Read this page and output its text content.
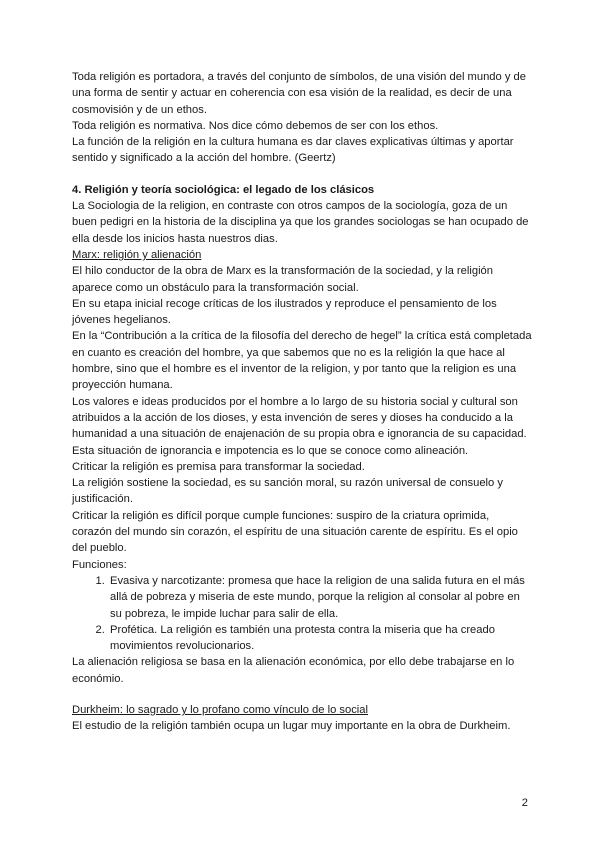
Toda religión es portadora, a través del conjunto de símbolos, de una visión del mundo y de una forma de sentir y actuar en coherencia con esa visión de la realidad, es decir de una cosmovisión y de un ethos.

Toda religión es normativa. Nos dice cómo debemos de ser con los ethos.

La función de la religión en la cultura humana es dar claves explicativas últimas y aportar sentido y significado a la acción del hombre. (Geertz)

4. Religión y teoría sociológica: el legado de los clásicos

La Sociologia de la religion, en contraste con otros campos de la sociología, goza de un buen pedigri en la historia de la disciplina ya que los grandes sociologas se han ocupado de ella desde los inicios hasta nuestros dias.

Marx: religión y alienación

El hilo conductor de la obra de Marx es la transformación de la sociedad, y la religión aparece como un obstáculo para la transformación social.

En su etapa inicial recoge críticas de los ilustrados y reproduce el pensamiento de los jóvenes hegelianos.

En la “Contribución a la crítica de la filosofía del derecho de hegel” la crítica está completada en cuanto es creación del hombre, ya que sabemos que no es la religión la que hace al hombre, sino que el hombre es el inventor de la religion, y por tanto que la religion es una proyección humana.

Los valores e ideas producidos por el hombre a lo largo de su historia social y cultural son atribuidos a la acción de los dioses, y esta invención de seres y dioses ha conducido a la humanidad a una situación de enajenación de su propia obra e ignorancia de su capacidad. Esta situación de ignorancia e impotencia es lo que se conoce como alineación.

Criticar la religión es premisa para transformar la sociedad.

La religión sostiene la sociedad, es su sanción moral, su razón universal de consuelo y justificación.

Criticar la religión es difícil porque cumple funciones: suspiro de la criatura oprimida, corazón del mundo sin corazón, el espíritu de una situación carente de espíritu. Es el opio del pueblo.

Funciones:

1. Evasiva y narcotizante: promesa que hace la religion de una salida futura en el más allá de pobreza y miseria de este mundo, porque la religion al consolar al pobre en su pobreza, le impide luchar para salir de ella.
2. Profética. La religión es también una protesta contra la miseria que ha creado movimientos revolucionarios.

La alienación religiosa se basa en la alienación económica, por ello debe trabajarse en lo económio.

Durkheim: lo sagrado y lo profano como vínculo de lo social

El estudio de la religión también ocupa un lugar muy importante en la obra de Durkheim.

2
